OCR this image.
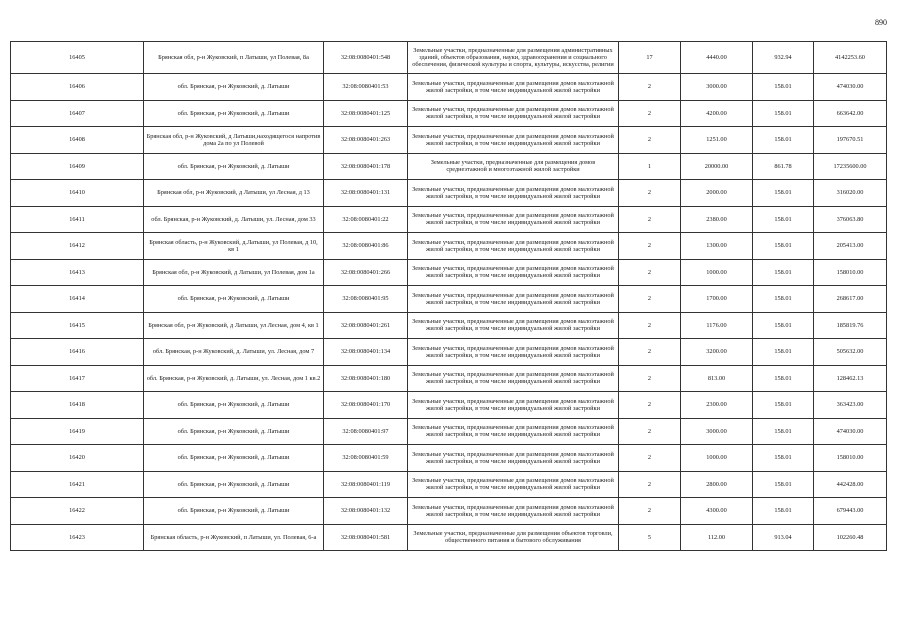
890
16405	Брянская обл, р-н Жуковский, п Латыши, ул Полевая, 8а	32:08:0080401:548	Земельные участки, предназначенные для размещения административных зданий, объектов образования, науки, здравоохранения и социального обеспечения, физической культуры и спорта, культуры, искусства, религии	17	4440.00	932.94	4142253.60
16406	обл. Брянская, р-н Жуковский, д. Латыши	32:08:0080401:53	Земельные участки, предназначенные для размещения домов малоэтажной жилой застройки, в том числе индивидуальной жилой застройки	2	3000.00	158.01	474030.00
16407	обл. Брянская, р-н Жуковский, д. Латыши	32:08:0080401:125	Земельные участки, предназначенные для размещения домов малоэтажной жилой застройки, в том числе индивидуальной жилой застройки	2	4200.00	158.01	663642.00
16408	Брянская обл, р-н Жуковский, д Латыши,находящегося напротив дома 2а по ул Полевой	32:08:0080401:263	Земельные участки, предназначенные для размещения домов малоэтажной жилой застройки, в том числе индивидуальной жилой застройки	2	1251.00	158.01	197670.51
16409	обл. Брянская, р-н Жуковский, д. Латыши	32:08:0080401:178	Земельные участки, предназначенные для размещения домов среднеэтажной и многоэтажной жилой застройки	1	20000.00	861.78	17235600.00
16410	Брянская обл, р-н Жуковский, д Латыши, ул Лесная, д 13	32:08:0080401:131	Земельные участки, предназначенные для размещения домов малоэтажной жилой застройки, в том числе индивидуальной жилой застройки	2	2000.00	158.01	316020.00
16411	обл. Брянская, р-н Жуковский, д. Латыши, ул. Лесная, дом 33	32:08:0080401:22	Земельные участки, предназначенные для размещения домов малоэтажной жилой застройки, в том числе индивидуальной жилой застройки	2	2380.00	158.01	376063.80
16412	Брянская область, р-н Жуковский, д.Латыши, ул Полевая, д 10, кв 1	32:08:0080401:86	Земельные участки, предназначенные для размещения домов малоэтажной жилой застройки, в том числе индивидуальной жилой застройки	2	1300.00	158.01	205413.00
16413	Брянская обл, р-н Жуковский, д Латыши, ул Полевая, дом 1а	32:08:0080401:266	Земельные участки, предназначенные для размещения домов малоэтажной жилой застройки, в том числе индивидуальной жилой застройки	2	1000.00	158.01	158010.00
16414	обл. Брянская, р-н Жуковский, д. Латыши	32:08:0080401:95	Земельные участки, предназначенные для размещения домов малоэтажной жилой застройки, в том числе индивидуальной жилой застройки	2	1700.00	158.01	268617.00
16415	Брянская обл, р-н Жуковский, д Латыши, ул Лесная, дом 4, кв 1	32:08:0080401:261	Земельные участки, предназначенные для размещения домов малоэтажной жилой застройки, в том числе индивидуальной жилой застройки	2	1176.00	158.01	185819.76
16416	обл. Брянская, р-н Жуковский, д. Латыши, ул. Лесная, дом 7	32:08:0080401:134	Земельные участки, предназначенные для размещения домов малоэтажной жилой застройки, в том числе индивидуальной жилой застройки	2	3200.00	158.01	505632.00
16417	обл. Брянская, р-н Жуковский, д. Латыши, ул. Лесная, дом 1 кв.2	32:08:0080401:180	Земельные участки, предназначенные для размещения домов малоэтажной жилой застройки, в том числе индивидуальной жилой застройки	2	813.00	158.01	128462.13
16418	обл. Брянская, р-н Жуковский, д. Латыши	32:08:0080401:170	Земельные участки, предназначенные для размещения домов малоэтажной жилой застройки, в том числе индивидуальной жилой застройки	2	2300.00	158.01	363423.00
16419	обл. Брянская, р-н Жуковский, д. Латыши	32:08:0080401:97	Земельные участки, предназначенные для размещения домов малоэтажной жилой застройки, в том числе индивидуальной жилой застройки	2	3000.00	158.01	474030.00
16420	обл. Брянская, р-н Жуковский, д. Латыши	32:08:0080401:59	Земельные участки, предназначенные для размещения домов малоэтажной жилой застройки, в том числе индивидуальной жилой застройки	2	1000.00	158.01	158010.00
16421	обл. Брянская, р-н Жуковский, д. Латыши	32:08:0080401:119	Земельные участки, предназначенные для размещения домов малоэтажной жилой застройки, в том числе индивидуальной жилой застройки	2	2800.00	158.01	442428.00
16422	обл. Брянская, р-н Жуковский, д. Латыши	32:08:0080401:132	Земельные участки, предназначенные для размещения домов малоэтажной жилой застройки, в том числе индивидуальной жилой застройки	2	4300.00	158.01	679443.00
16423	Брянская область, р-н Жуковский, п Латыши, ул. Полевая, 6-а	32:08:0080401:581	Земельные участки, предназначенные для размещения объектов торговли, общественного питания и бытового обслуживания	5	112.00	913.04	102260.48
